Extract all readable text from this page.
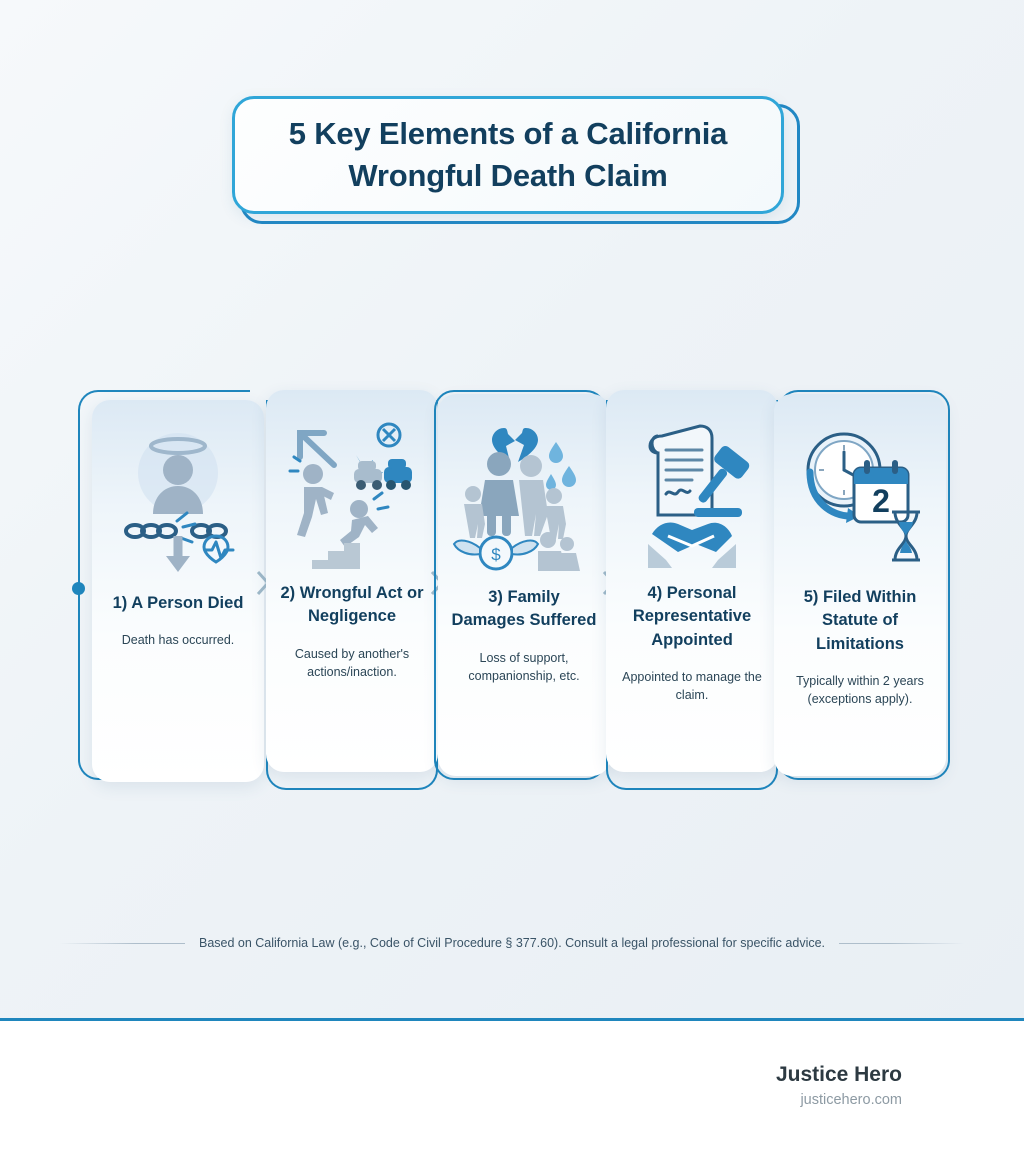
5 Key Elements of a California
Wrongful Death Claim
1) A Person Died
Death has occurred.
2) Wrongful Act or Negligence
Caused by another's actions/inaction.
$
3) Family Damages Suffered
Loss of support, companionship, etc.
4) Personal Representative Appointed
Appointed to manage the claim.
2
5) Filed Within Statute of Limitations
Typically within 2 years (exceptions apply).
Based on California Law (e.g., Code of Civil Procedure § 377.60). Consult a legal professional for specific advice.
Justice Hero
justicehero.com
